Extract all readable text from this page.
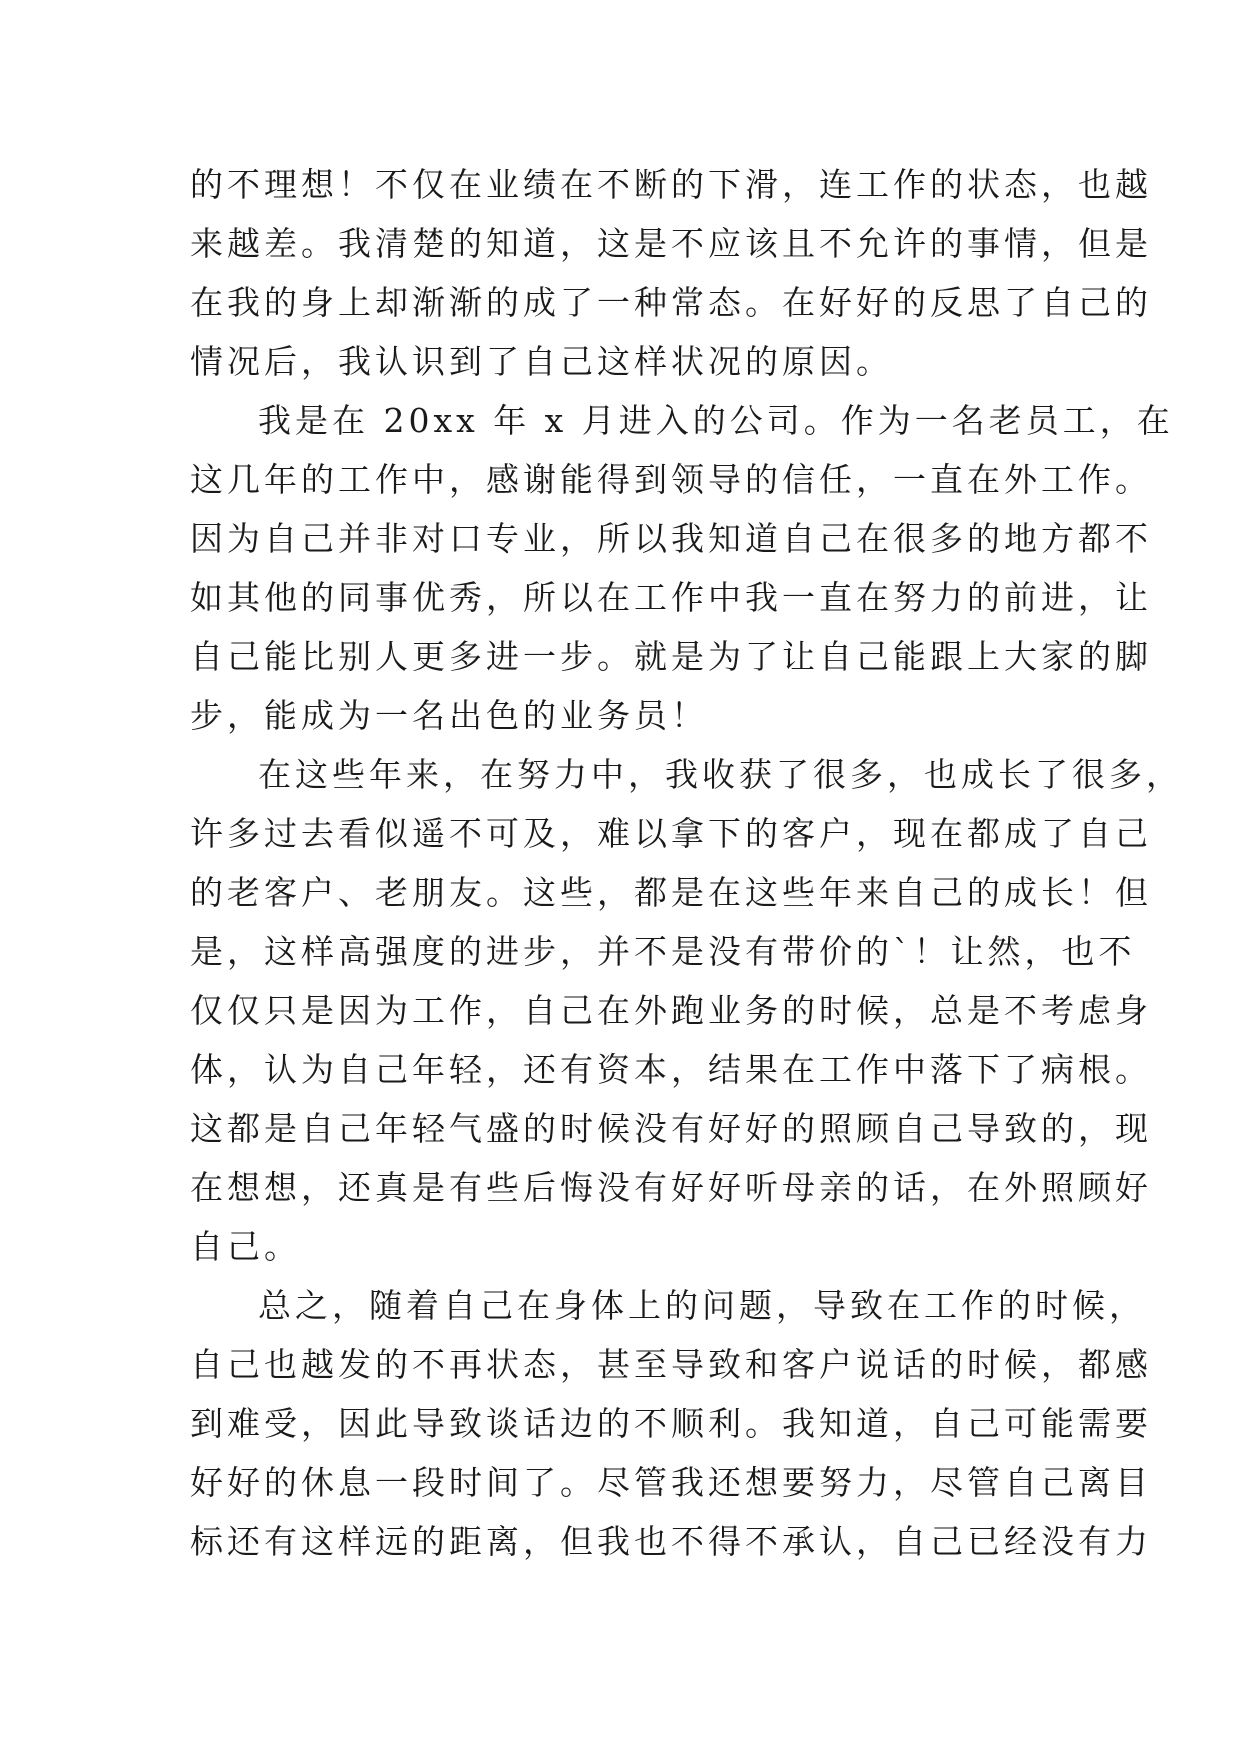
的不理想！不仅在业绩在不断的下滑，连工作的状态，也越
来越差。我清楚的知道，这是不应该且不允许的事情，但是
在我的身上却渐渐的成了一种常态。在好好的反思了自己的
情况后，我认识到了自己这样状况的原因。
我是在 20xx 年 x 月进入的公司。作为一名老员工，在
这几年的工作中，感谢能得到领导的信任，一直在外工作。
因为自己并非对口专业，所以我知道自己在很多的地方都不
如其他的同事优秀，所以在工作中我一直在努力的前进，让
自己能比别人更多进一步。就是为了让自己能跟上大家的脚
步，能成为一名出色的业务员！
在这些年来，在努力中，我收获了很多，也成长了很多，
许多过去看似遥不可及，难以拿下的客户，现在都成了自己
的老客户、老朋友。这些，都是在这些年来自己的成长！但
是，这样高强度的进步，并不是没有带价的`！让然，也不
仅仅只是因为工作，自己在外跑业务的时候，总是不考虑身
体，认为自己年轻，还有资本，结果在工作中落下了病根。
这都是自己年轻气盛的时候没有好好的照顾自己导致的，现
在想想，还真是有些后悔没有好好听母亲的话，在外照顾好
自己。
总之，随着自己在身体上的问题，导致在工作的时候，
自己也越发的不再状态，甚至导致和客户说话的时候，都感
到难受，因此导致谈话边的不顺利。我知道，自己可能需要
好好的休息一段时间了。尽管我还想要努力，尽管自己离目
标还有这样远的距离，但我也不得不承认，自己已经没有力
